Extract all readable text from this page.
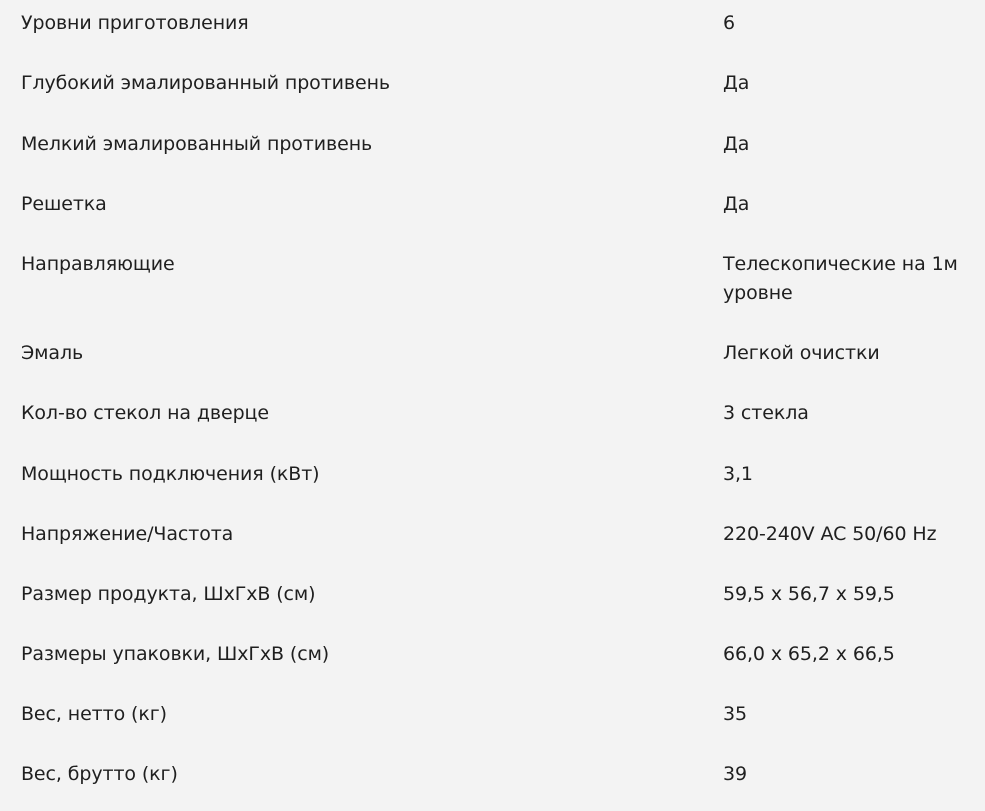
Уровни приготовления	6
Глубокий эмалированный противень	Да
Мелкий эмалированный противень	Да
Решетка	Да
Направляющие	Телескопические на 1м уровне
Эмаль	Легкой очистки
Кол-во стекол на дверце	3 стекла
Мощность подключения (кВт)	3,1
Напряжение/Частота	220-240V AC 50/60 Hz
Размер продукта, ШхГхВ (см)	59,5 x 56,7 x 59,5
Размеры упаковки, ШхГхВ (см)	66,0 x 65,2 x 66,5
Вес, нетто (кг)	35
Вес, брутто (кг)	39
